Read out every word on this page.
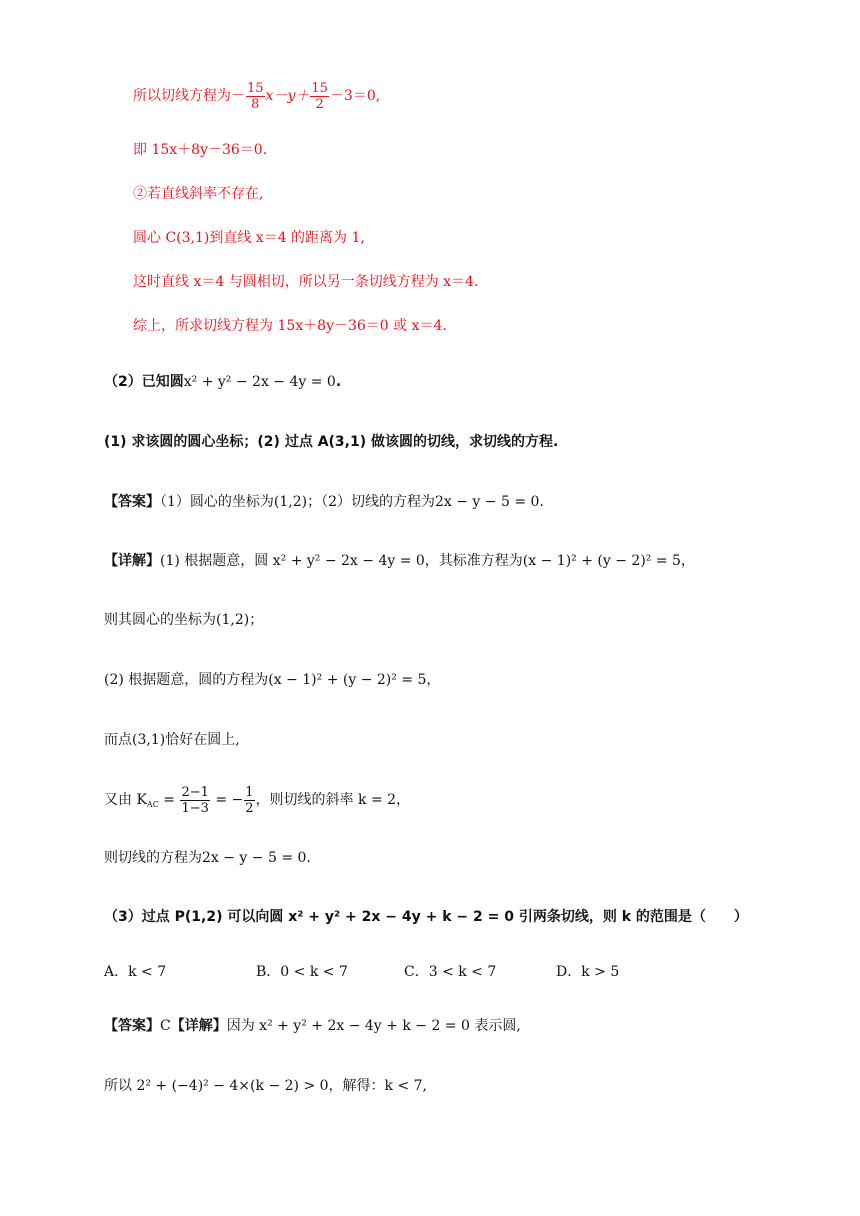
所以切线方程为－ $\frac{15}{8} x-y+ \frac{15}{2} -3=0$,
即 15x＋8y－36＝0.
②若直线斜率不存在,
圆心 C(3,1)到直线 x＝4 的距离为 1,
这时直线 x＝4 与圆相切，所以另一条切线方程为 x＝4.
综上，所求切线方程为 15x＋8y－36＝0 或 x＝4.
（2）已知圆x² + y² − 2x − 4y = 0.
(1) 求该圆的圆心坐标；(2) 过点 A(3,1) 做该圆的切线，求切线的方程.
【答案】（1）圆心的坐标为(1,2)；（2）切线的方程为2x − y − 5 = 0.
【详解】(1) 根据题意，圆 x² + y² − 2x − 4y = 0，其标准方程为(x − 1)² + (y − 2)² = 5，
则其圆心的坐标为(1,2)；
(2) 根据题意，圆的方程为(x − 1)² + (y − 2)² = 5，
而点(3,1)恰好在圆上,
又由 $K_{AC} = \frac{2-1}{1-3}$ = − $\frac{1}{2}$ ，则切线的斜率 k = 2，
则切线的方程为2x − y − 5 = 0.
（3）过点 P(1,2) 可以向圆 x² + y² + 2x − 4y + k − 2 = 0 引两条切线，则 k 的范围是（　　）
A．k < 7	B．0 < k < 7	C．3 < k < 7	D．k > 5
【答案】C【详解】因为 x² + y² + 2x − 4y + k − 2 = 0 表示圆,
所以 2² + (−4)² − 4×(k − 2) > 0，解得：k < 7,
